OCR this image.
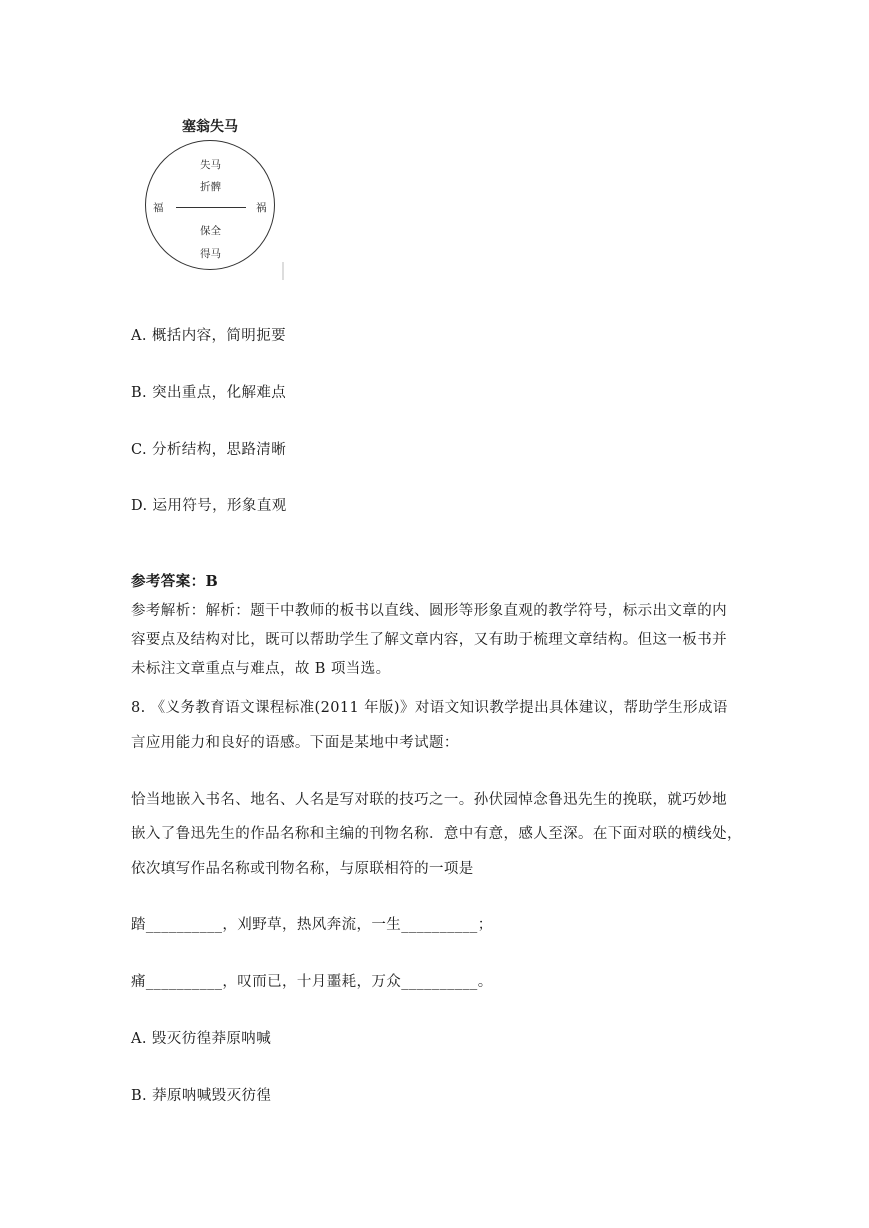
塞翁失马
失马
折髀
福	祸
保全
得马
A. 概括内容，简明扼要
B. 突出重点，化解难点
C. 分析结构，思路清晰
D. 运用符号，形象直观
参考答案：B
参考解析：解析：题干中教师的板书以直线、圆形等形象直观的教学符号，标示出文章的内
容要点及结构对比，既可以帮助学生了解文章内容，又有助于梳理文章结构。但这一板书并
未标注文章重点与难点，故 B 项当选。
8. 《义务教育语文课程标准(2011 年版)》对语文知识教学提出具体建议，帮助学生形成语
言应用能力和良好的语感。下面是某地中考试题：
恰当地嵌入书名、地名、人名是写对联的技巧之一。孙伏园悼念鲁迅先生的挽联，就巧妙地
嵌入了鲁迅先生的作品名称和主编的刊物名称．意中有意，感人至深。在下面对联的横线处，
依次填写作品名称或刊物名称，与原联相符的一项是
踏__________，刈野草，热风奔流，一生__________；
痛__________，叹而已，十月噩耗，万众__________。
A. 毁灭彷徨莽原呐喊
B. 莽原呐喊毁灭彷徨
